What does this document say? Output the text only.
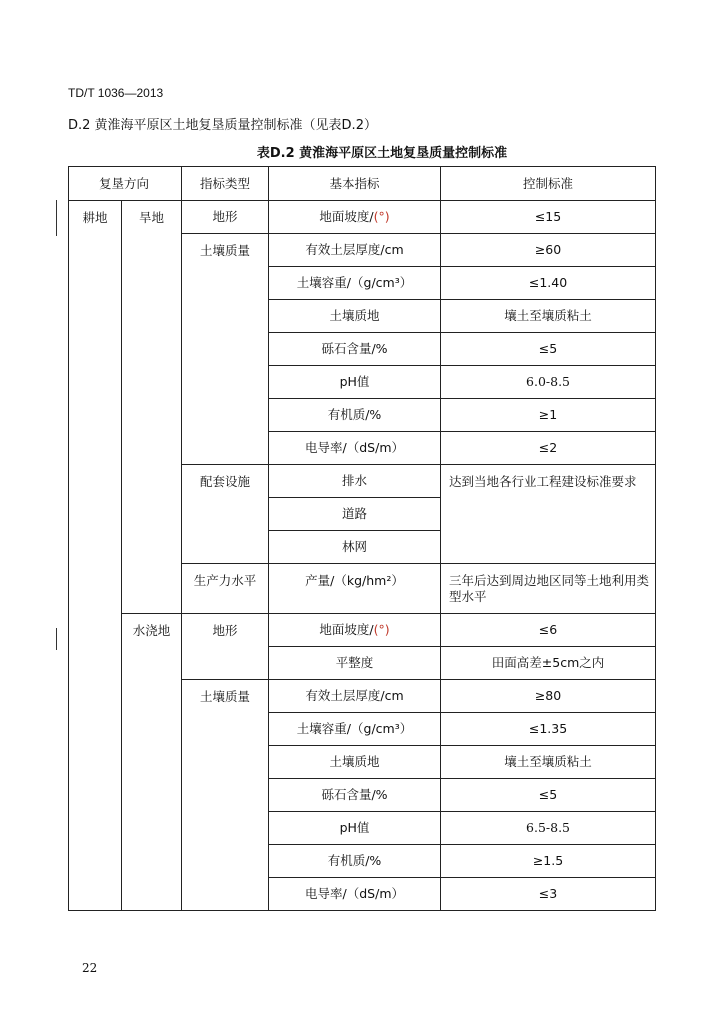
TD/T 1036—2013
D.2 黄淮海平原区土地复垦质量控制标准（见表D.2）
表D.2 黄淮海平原区土地复垦质量控制标准
复垦方向		指标类型	基本指标	控制标准
耕地	旱地	地形	地面坡度/(°)	≤15
		土壤质量	有效土层厚度/cm	≥60
			土壤容重/（g/cm³）	≤1.40
			土壤质地	壤土至壤质粘土
			砾石含量/%	≤5
			pH值	6.0-8.5
			有机质/%	≥1
			电导率/（dS/m）	≤2
		配套设施	排水	达到当地各行业工程建设标准要求
			道路	
			林网	
		生产力水平	产量/（kg/hm²）	三年后达到周边地区同等土地利用类型水平
	水浇地	地形	地面坡度/(°)	≤6
			平整度	田面高差±5cm之内
		土壤质量	有效土层厚度/cm	≥80
			土壤容重/（g/cm³）	≤1.35
			土壤质地	壤土至壤质粘土
			砾石含量/%	≤5
			pH值	6.5-8.5
			有机质/%	≥1.5
			电导率/（dS/m）	≤3
22
